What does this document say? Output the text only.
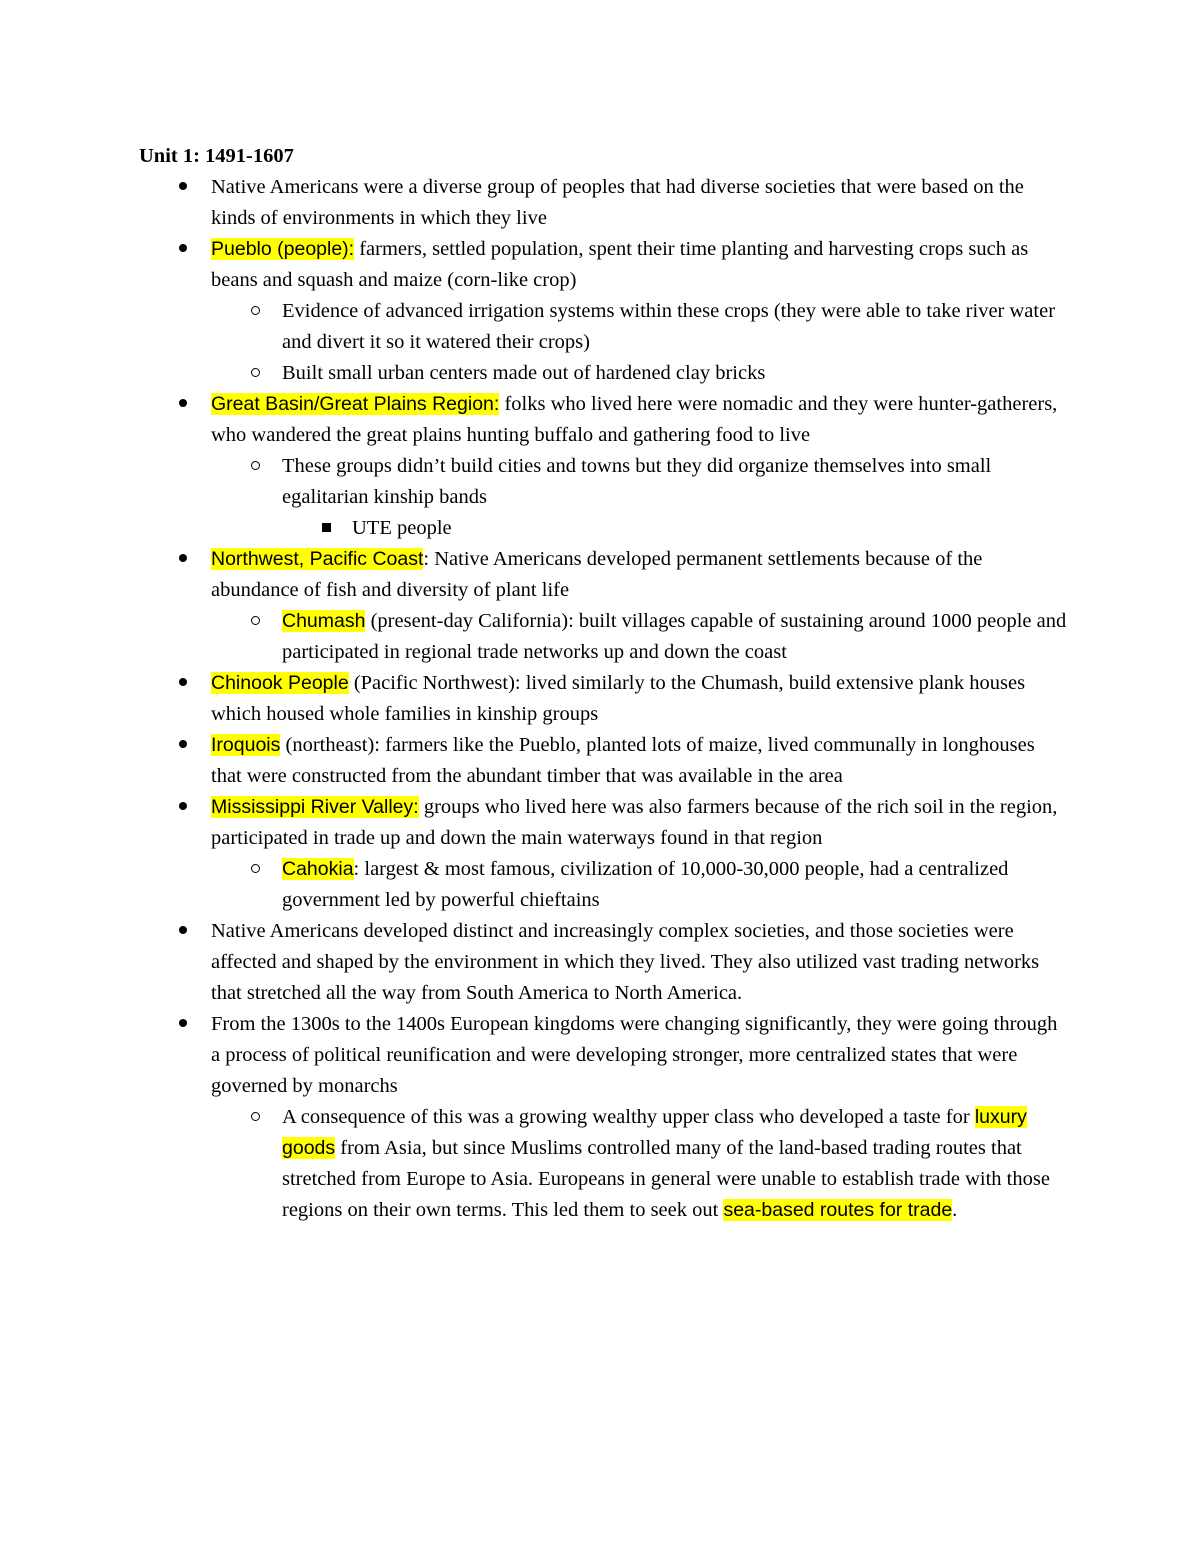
Unit 1: 1491-1607

Native Americans were a diverse group of peoples that had diverse societies that were based on the kinds of environments in which they live
Pueblo (people): farmers, settled population, spent their time planting and harvesting crops such as beans and squash and maize (corn-like crop)
Evidence of advanced irrigation systems within these crops (they were able to take river water and divert it so it watered their crops)
Built small urban centers made out of hardened clay bricks
Great Basin/Great Plains Region: folks who lived here were nomadic and they were hunter-gatherers, who wandered the great plains hunting buffalo and gathering food to live
These groups didn’t build cities and towns but they did organize themselves into small egalitarian kinship bands
UTE people
Northwest, Pacific Coast: Native Americans developed permanent settlements because of the abundance of fish and diversity of plant life
Chumash (present-day California): built villages capable of sustaining around 1000 people and participated in regional trade networks up and down the coast
Chinook People (Pacific Northwest): lived similarly to the Chumash, build extensive plank houses which housed whole families in kinship groups
Iroquois (northeast): farmers like the Pueblo, planted lots of maize, lived communally in longhouses that were constructed from the abundant timber that was available in the area
Mississippi River Valley: groups who lived here was also farmers because of the rich soil in the region, participated in trade up and down the main waterways found in that region
Cahokia: largest & most famous, civilization of 10,000-30,000 people, had a centralized government led by powerful chieftains
Native Americans developed distinct and increasingly complex societies, and those societies were affected and shaped by the environment in which they lived. They also utilized vast trading networks that stretched all the way from South America to North America.
From the 1300s to the 1400s European kingdoms were changing significantly, they were going through a process of political reunification and were developing stronger, more centralized states that were governed by monarchs
A consequence of this was a growing wealthy upper class who developed a taste for luxury goods from Asia, but since Muslims controlled many of the land-based trading routes that stretched from Europe to Asia. Europeans in general were unable to establish trade with those regions on their own terms. This led them to seek out sea-based routes for trade.
